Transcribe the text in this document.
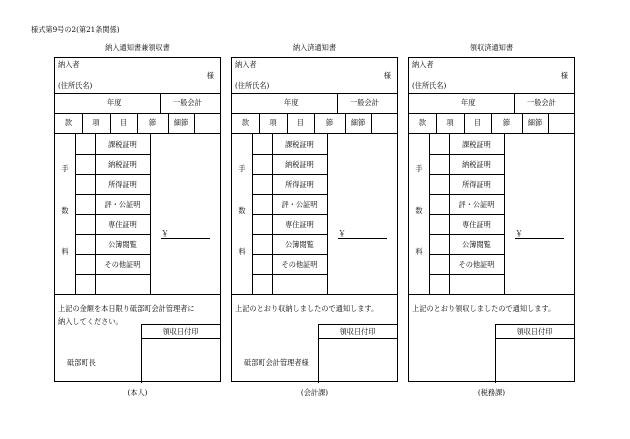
様式第9号の2(第21条関係)
納入通知書兼領収書
(本人)
納入者
様
(住所氏名)
年度	一般会計
款	項	目	節	細節
課税証明
納税証明
所得証明
評・公証明
専住証明
公簿閲覧
その他証明
手
数
料
￥
上記の金額を本日限り砥部町会計管理者に
納入してください。
領収日付印
砥部町長
納入済通知書
(会計課)
納入者
様
(住所氏名)
年度	一般会計
款	項	目	節	細節
課税証明
納税証明
所得証明
評・公証明
専住証明
公簿閲覧
その他証明
手
数
料
￥
上記のとおり収納しましたので通知します。
領収日付印
砥部町会計管理者様
領収済通知書
(税務課)
納入者
様
(住所氏名)
年度	一般会計
款	項	目	節	細節
課税証明
納税証明
所得証明
評・公証明
専住証明
公簿閲覧
その他証明
手
数
料
￥
上記のとおり領収しましたので通知します。
領収日付印
